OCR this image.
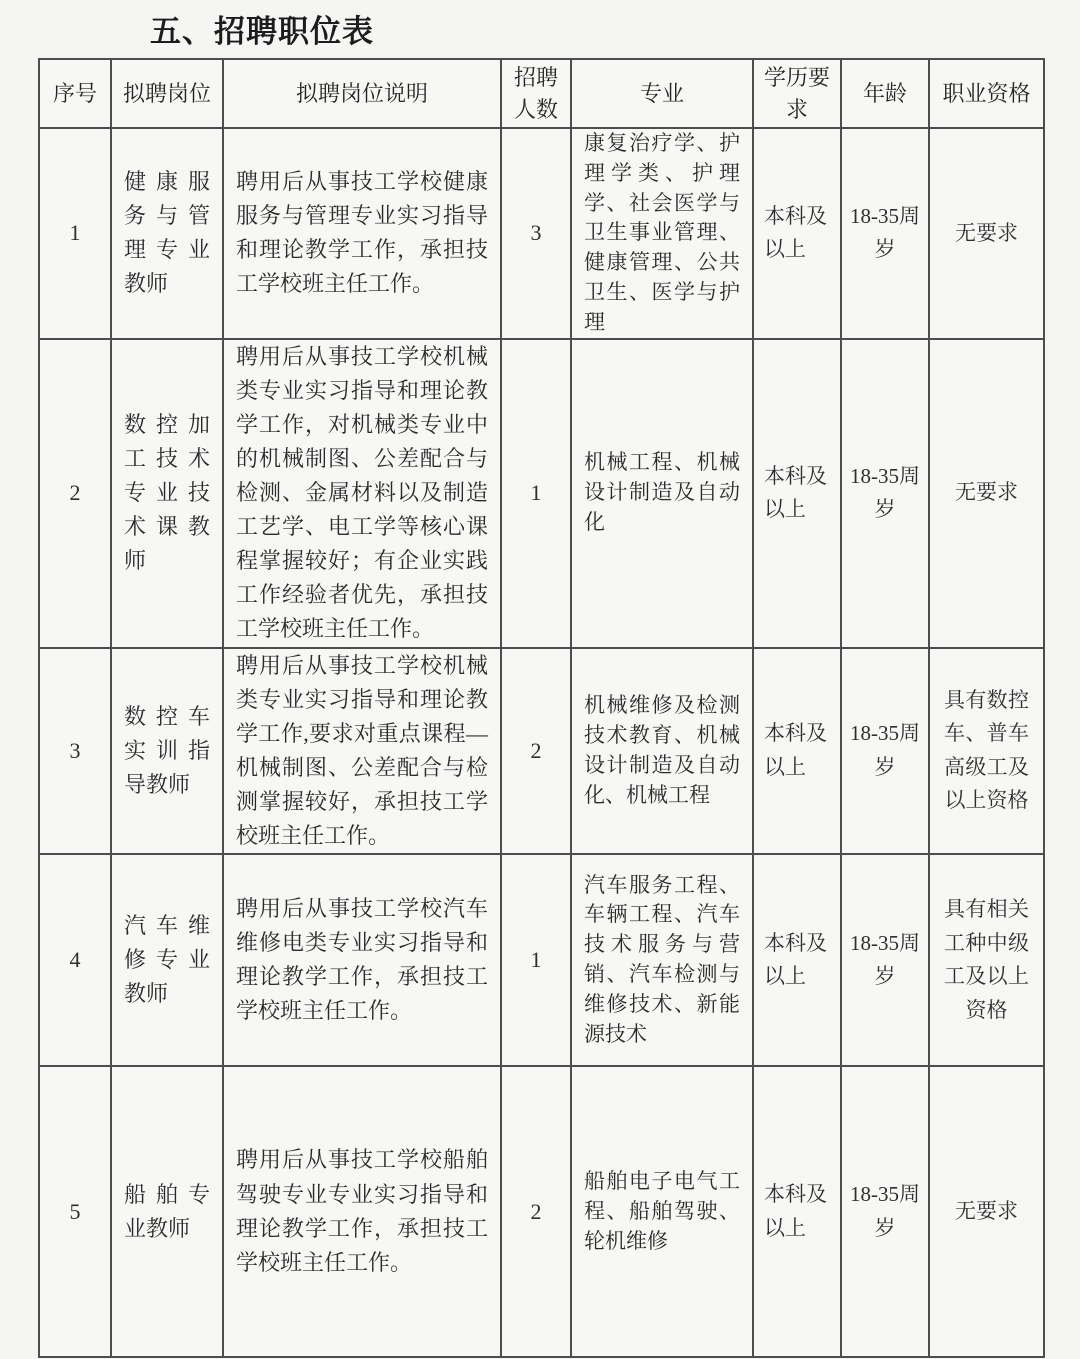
五、招聘职位表
序号	拟聘岗位	拟聘岗位说明	招聘人数	专业	学历要求	年龄	职业资格
1	健康服务与管理专业教师	聘用后从事技工学校健康服务与管理专业实习指导和理论教学工作，承担技工学校班主任工作。	3	康复治疗学、护理学类、护理学、社会医学与卫生事业管理、健康管理、公共卫生、医学与护理	本科及以上	18-35周岁	无要求
2	数控加工技术专业技术课教师	聘用后从事技工学校机械类专业实习指导和理论教学工作，对机械类专业中的机械制图、公差配合与检测、金属材料以及制造工艺学、电工学等核心课程掌握较好；有企业实践工作经验者优先，承担技工学校班主任工作。	1	机械工程、机械设计制造及自动化	本科及以上	18-35周岁	无要求
3	数控车实训指导教师	聘用后从事技工学校机械类专业实习指导和理论教学工作,要求对重点课程—机械制图、公差配合与检测掌握较好，承担技工学校班主任工作。	2	机械维修及检测技术教育、机械设计制造及自动化、机械工程	本科及以上	18-35周岁	具有数控车、普车高级工及以上资格
4	汽车维修专业教师	聘用后从事技工学校汽车维修电类专业实习指导和理论教学工作，承担技工学校班主任工作。	1	汽车服务工程、车辆工程、汽车技术服务与营销、汽车检测与维修技术、新能源技术	本科及以上	18-35周岁	具有相关工种中级工及以上资格
5	船舶专业教师	聘用后从事技工学校船舶驾驶专业专业实习指导和理论教学工作，承担技工学校班主任工作。	2	船舶电子电气工程、船舶驾驶、轮机维修	本科及以上	18-35周岁	无要求
